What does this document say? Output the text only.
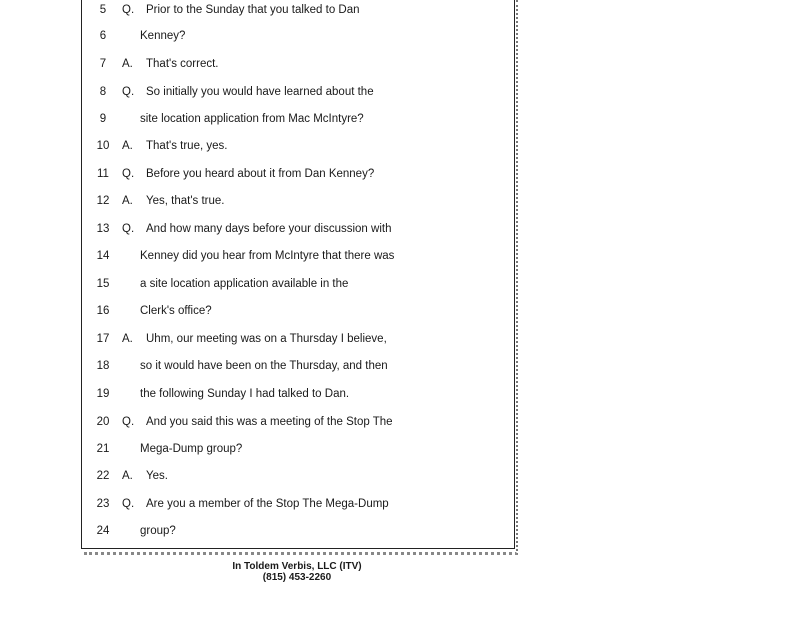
5	Q. Prior to the Sunday that you talked to Dan
6	Kenney?
7	A. That's correct.
8	Q. So initially you would have learned about the
9	site location application from Mac McIntyre?
10	A. That's true, yes.
11	Q. Before you heard about it from Dan Kenney?
12	A. Yes, that's true.
13	Q. And how many days before your discussion with
14	Kenney did you hear from McIntyre that there was
15	a site location application available in the
16	Clerk's office?
17	A. Uhm, our meeting was on a Thursday I believe,
18	so it would have been on the Thursday, and then
19	the following Sunday I had talked to Dan.
20	Q. And you said this was a meeting of the Stop The
21	Mega-Dump group?
22	A. Yes.
23	Q. Are you a member of the Stop The Mega-Dump
24	group?
In Toldem Verbis, LLC (ITV)
(815) 453-2260
